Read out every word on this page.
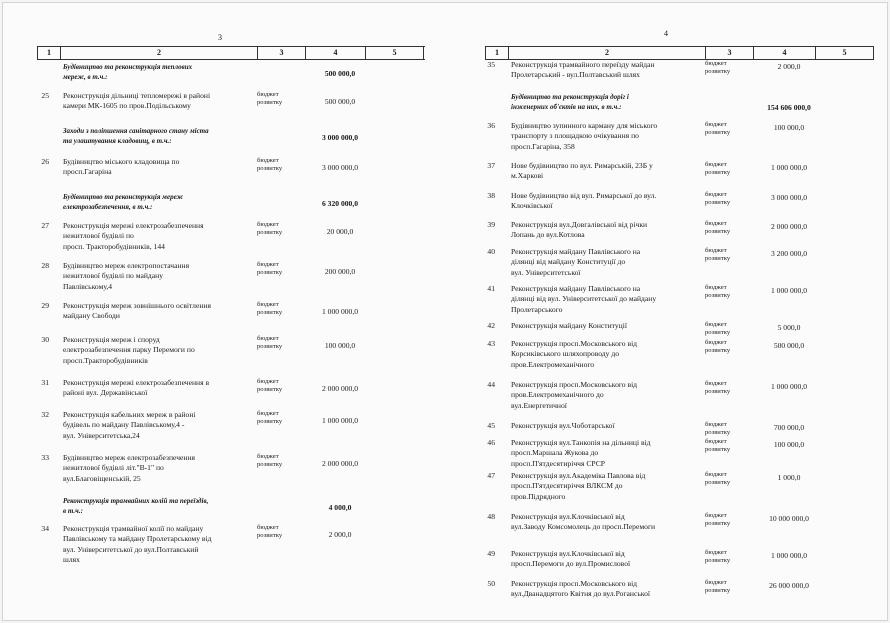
3	4
1	2	3	4	5	1	2	3	4	5
Будівництво та реконструкція теплових
мереж, в т.ч.:	500 000,0
25 Реконструкція дільниці тепломережі в районі
камери МК-1605 по пров.Подільському
бюджет
розвитку	500 000,0
Заходи з поліпшення санітарного стану міста
та улаштування кладовищ, в т.ч.:	3 000 000,0
26 Будівництво міського кладовища по
просп.Гагаріна
бюджет
розвитку	3 000 000,0
Будівництво та реконструкція мереж
електрозабезпечення, в т.ч.:	6 320 000,0
27 Реконструкція мережі електрозабезпечення
нежитлової будівлі по
просп. Тракторобудівників, 144
бюджет
розвитку	20 000,0
28 Будівництво мереж електропостачання
нежитлової будівлі по майдану
Павлівському,4
бюджет
розвитку	200 000,0
29 Реконструкція мереж зовнішнього освітлення
майдану Свободи
бюджет
розвитку	1 000 000,0
30 Реконструкція мереж і споруд
електрозабезпечення парку Перемоги по
просп.Тракторобудівників
бюджет
розвитку	100 000,0
31 Реконструкція мережі електрозабезпечення в
районі вул. Державінської
бюджет
розвитку	2 000 000,0
32 Реконструкція кабельних мереж в районі
будівель по майдану Павлівському,4 -
вул. Університетська,24
бюджет
розвитку	1 000 000,0
33 Будівництво мереж електрозабезпечення
нежитлової будівлі літ."В-1" по
вул.Благовіщенській, 25
бюджет
розвитку	2 000 000,0
Реконструкція трамвайних колій та переїздів,
в т.ч.:	4 000,0
34 Реконструкція трамвайної колії по майдану
Павлівському та майдану Пролетарському від
вул. Університетської до вул.Полтавський
шлях
бюджет
розвитку	2 000,0
35 Реконструкція трамвайного переїзду майдан
Пролетарський - вул.Полтавський шлях
бюджет
розвитку
2 000,0
Будівництво та реконструкція доріг і
інженерних об'єктів на них, в т.ч.:	154 606 000,0
36 Будівництво зупинного карману для міського
транспорту з площадкою очікування по
просп.Гагаріна, 358
бюджет
розвитку
100 000,0
37 Нове будівництво по вул. Римарській, 23Б у
м.Харкові
бюджет
розвитку
1 000 000,0
38 Нове будівництво від вул. Римарської до вул.
Клочківської
бюджет
розвитку
3 000 000,0
39 Реконструкція вул.Довгалівської від річки
Лопань до вул.Котлова
бюджет
розвитку
2 000 000,0
40 Реконструкція майдану Павлівського на
ділянці від майдану Конституції до
вул. Університетської
бюджет
розвитку
3 200 000,0
41 Реконструкція майдану Павлівського на
ділянці від вул. Університетської до майдану
Пролетарського
бюджет
розвитку
1 000 000,0
42 Реконструкція майдану Конституції	бюджет
розвитку
5 000,0
43 Реконструкція просп.Московського від
Корсиківського шляхопроводу до
пров.Електромеханічного
бюджет
розвитку
500 000,0
44 Реконструкція просп.Московського від
пров.Електромеханічного до
вул.Енергетичної
бюджет
розвитку
1 000 000,0
45 Реконструкція вул.Чоботарської	бюджет
розвитку
700 000,0
46 Реконструкція вул.Танкопія на дільниці від
просп.Маршала Жукова до
просп.П'ятдесятиріччя СРСР
бюджет
розвитку
100 000,0
47 Реконструкція вул.Академіка Павлова від
просп.П'ятдесятиріччя ВЛКСМ до
пров.Підрядного
бюджет
розвитку
1 000,0
48 Реконструкція вул.Клочківської від
вул.Заводу Комсомолець до просп.Перемоги
бюджет
розвитку
10 000 000,0
49 Реконструкція вул.Клочківської від
просп.Перемоги до вул.Промислової
бюджет
розвитку
1 000 000,0
50 Реконструкція просп.Московського від
вул.Дванадцятого Квітня до вул.Роганської
бюджет
розвитку
26 000 000,0
